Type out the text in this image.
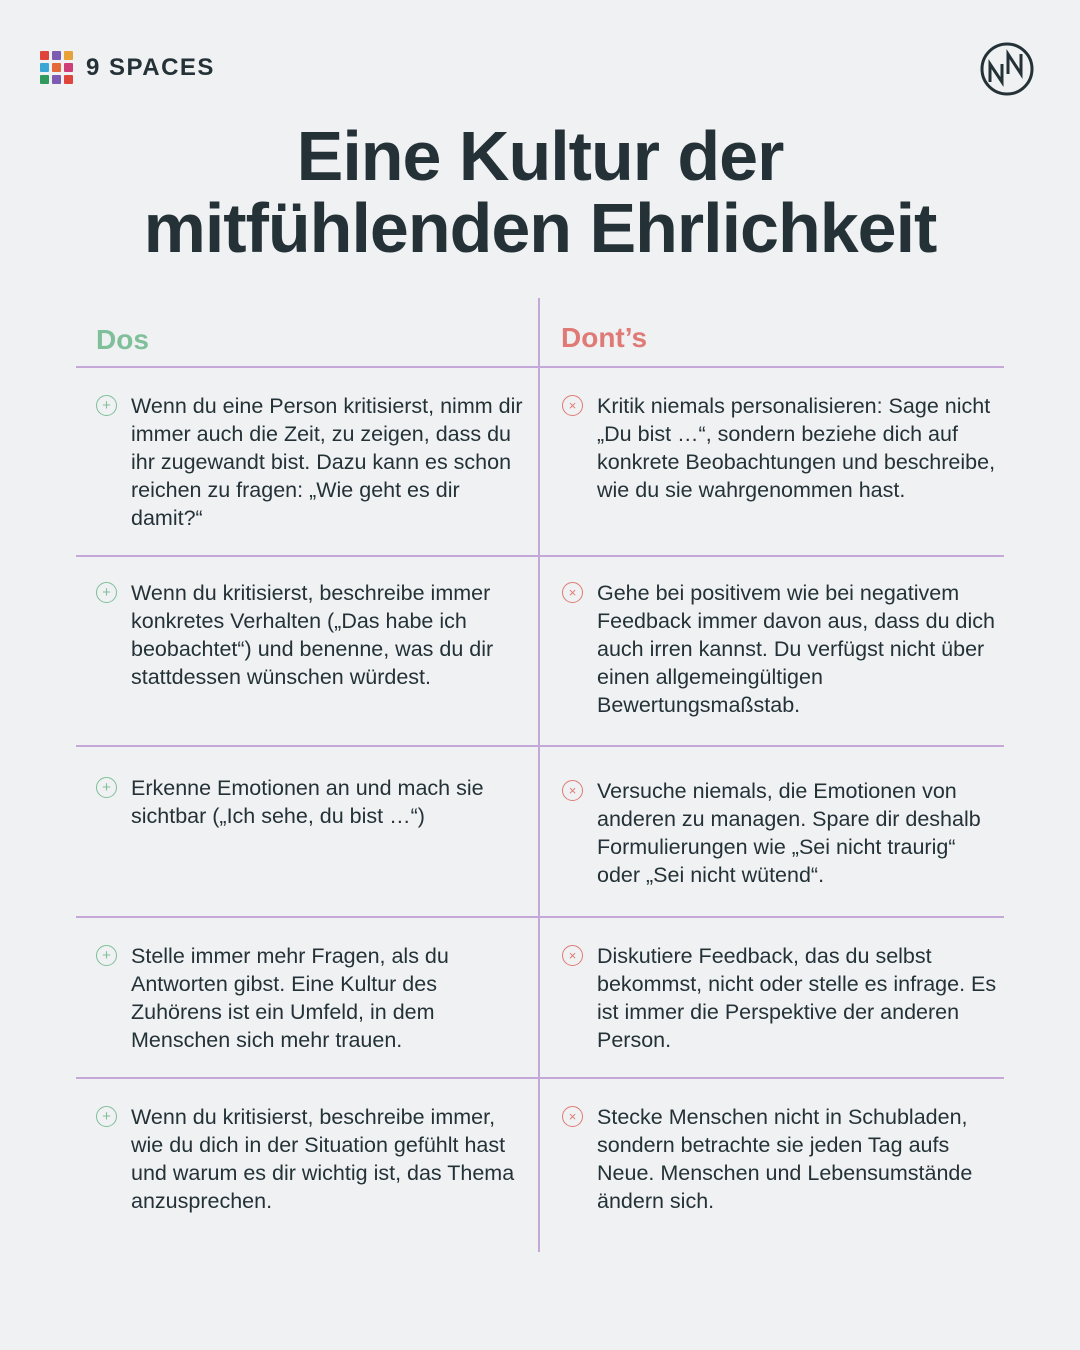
9 SPACES
Eine Kultur der
mitfühlenden Ehrlichkeit
Dos	Dont’s
+ Wenn du eine Person kritisierst, nimm dir immer auch die Zeit, zu zeigen, dass du ihr zugewandt bist. Dazu kann es schon reichen zu fragen: „Wie geht es dir damit?“
× Kritik niemals personalisieren: Sage nicht „Du bist …“, sondern beziehe dich auf konkrete Beobachtungen und beschreibe, wie du sie wahrgenommen hast.
+ Wenn du kritisierst, beschreibe immer konkretes Verhalten („Das habe ich beobachtet“) und benenne, was du dir stattdessen wünschen würdest.
× Gehe bei positivem wie bei negativem Feedback immer davon aus, dass du dich auch irren kannst. Du verfügst nicht über einen allgemeingültigen Bewertungsmaßstab.
+ Erkenne Emotionen an und mach sie sichtbar („Ich sehe, du bist …“)
× Versuche niemals, die Emotionen von anderen zu managen. Spare dir deshalb Formulierungen wie „Sei nicht traurig“ oder „Sei nicht wütend“.
+ Stelle immer mehr Fragen, als du Antworten gibst. Eine Kultur des Zuhörens ist ein Umfeld, in dem Menschen sich mehr trauen.
× Diskutiere Feedback, das du selbst bekommst, nicht oder stelle es infrage. Es ist immer die Perspektive der anderen Person.
+ Wenn du kritisierst, beschreibe immer, wie du dich in der Situation gefühlt hast und warum es dir wichtig ist, das Thema anzusprechen.
× Stecke Menschen nicht in Schubladen, sondern betrachte sie jeden Tag aufs Neue. Menschen und Lebensumstände ändern sich.
